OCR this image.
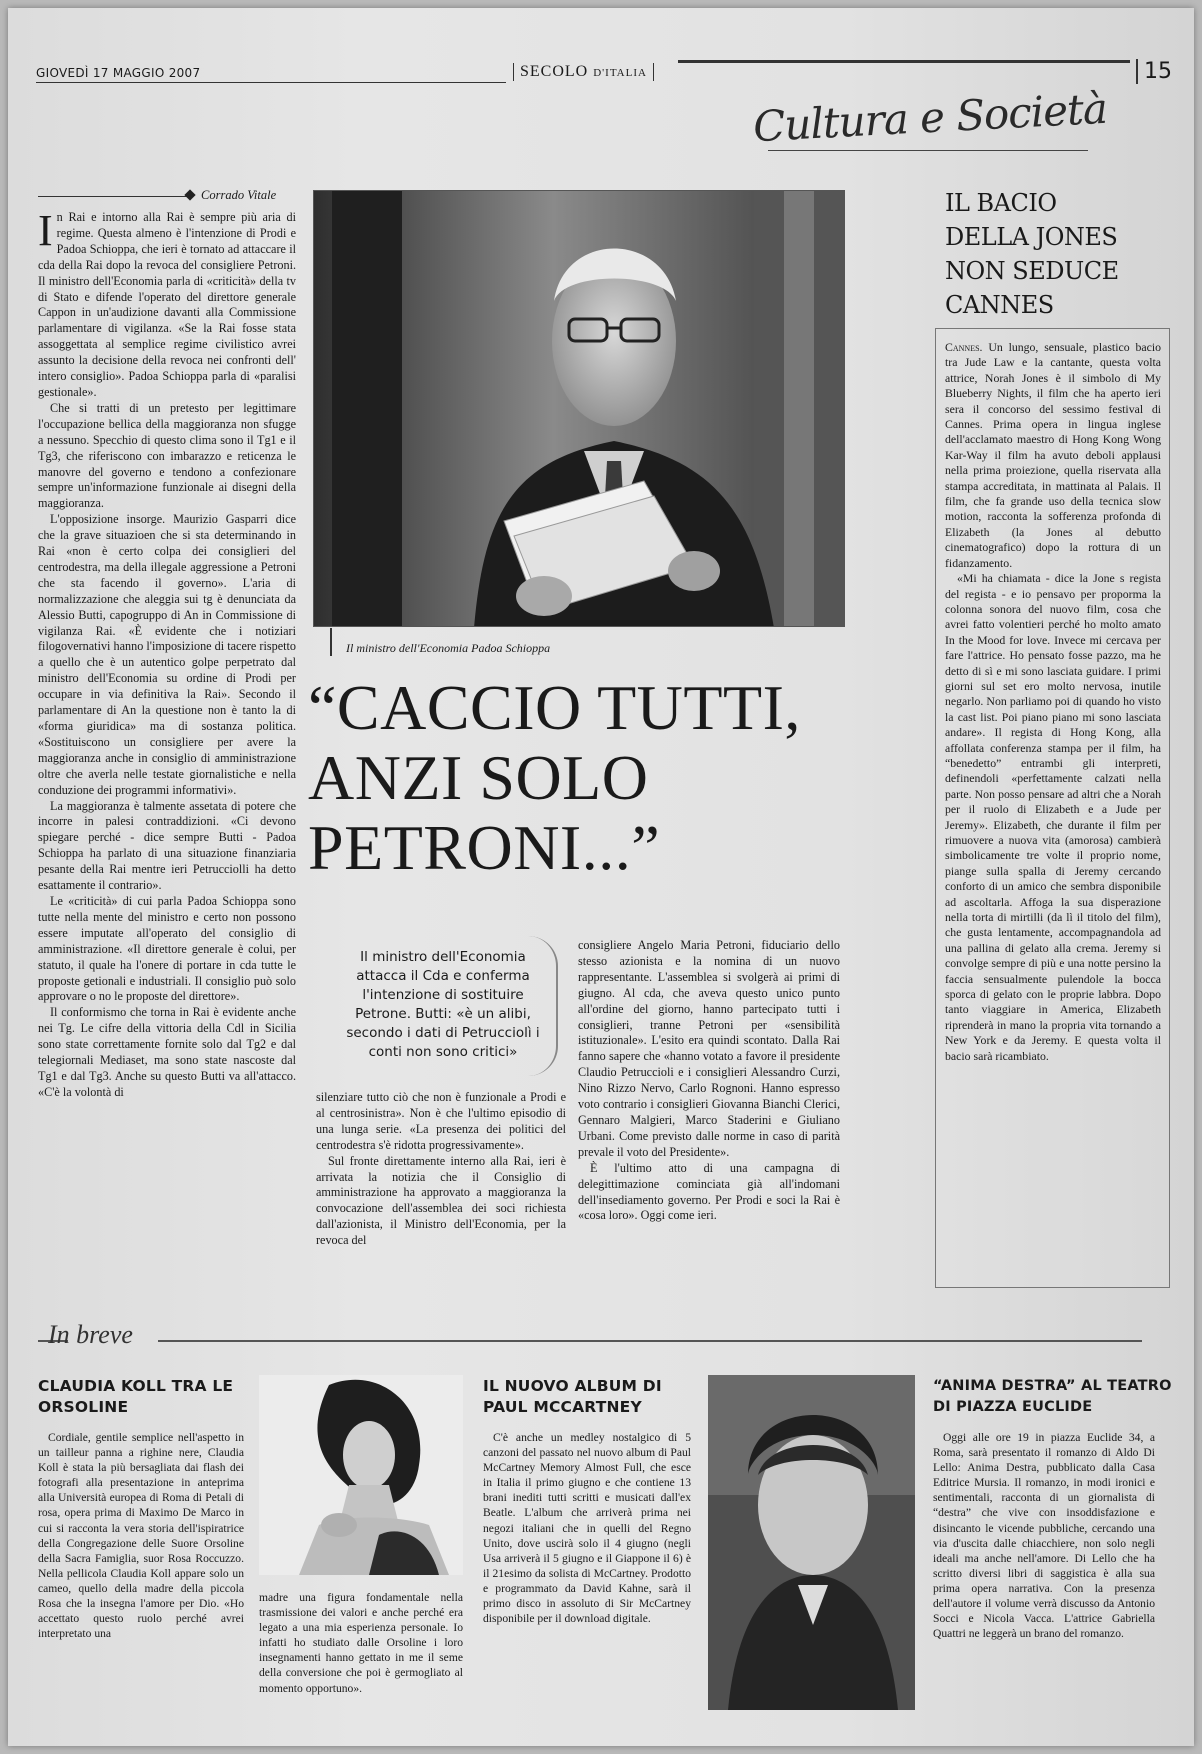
GIOVEDÌ 17 MAGGIO 2007	SECOLO D'ITALIA	15
Cultura e Società
Corrado Vitale

In Rai e intorno alla Rai è sempre più aria di regime. Questa almeno è l'intenzione di Prodi e Padoa Schioppa, che ieri è tornato ad attaccare il cda della Rai dopo la revoca del consigliere Petroni. Il ministro dell'Economia parla di «criticità» della tv di Stato e difende l'operato del direttore generale Cappon in un'audizione davanti alla Commissione parlamentare di vigilanza. «Se la Rai fosse stata assoggettata al semplice regime civilistico avrei assunto la decisione della revoca nei confronti dell' intero consiglio». Padoa Schioppa parla di «paralisi gestionale».

Che si tratti di un pretesto per legittimare l'occupazione bellica della maggioranza non sfugge a nessuno. Specchio di questo clima sono il Tg1 e il Tg3, che riferiscono con imbarazzo e reticenza le manovre del governo e tendono a confezionare sempre un'informazione funzionale ai disegni della maggioranza.

L'opposizione insorge. Maurizio Gasparri dice che la grave situazioen che si sta determinando in Rai «non è certo colpa dei consiglieri del centrodestra, ma della illegale aggressione a Petroni che sta facendo il governo». L'aria di normalizzazione che aleggia sui tg è denunciata da Alessio Butti, capogruppo di An in Commissione di vigilanza Rai. «È evidente che i notiziari filogovernativi hanno l'imposizione di tacere rispetto a quello che è un autentico golpe perpetrato dal ministro dell'Economia su ordine di Prodi per occupare in via definitiva la Rai». Secondo il parlamentare di An la questione non è tanto la di «forma giuridica» ma di sostanza politica. «Sostituiscono un consigliere per avere la maggioranza anche in consiglio di amministrazione oltre che averla nelle testate giornalistiche e nella conduzione dei programmi informativi».

La maggioranza è talmente assetata di potere che incorre in palesi contraddizioni. «Ci devono spiegare perché - dice sempre Butti - Padoa Schioppa ha parlato di una situazione finanziaria pesante della Rai mentre ieri Petrucciolli ha detto esattamente il contrario».

Le «criticità» di cui parla Padoa Schioppa sono tutte nella mente del ministro e certo non possono essere imputate all'operato del consiglio di amministrazione. «Il direttore generale è colui, per statuto, il quale ha l'onere di portare in cda tutte le proposte getionali e industriali. Il consiglio può solo approvare o no le proposte del direttore».

Il conformismo che torna in Rai è evidente anche nei Tg. Le cifre della vittoria della Cdl in Sicilia sono state correttamente fornite solo dal Tg2 e dal telegiornali Mediaset, ma sono state nascoste dal Tg1 e dal Tg3. Anche su questo Butti va all'attacco. «C'è la volontà di

Il ministro dell'Economia Padoa Schioppa
“CACCIO TUTTI, ANZI SOLO PETRONI...”
Il ministro dell'Economia attacca il Cda e conferma l'intenzione di sostituire Petrone. Butti: «è un alibi, secondo i dati di Petrucciolì i conti non sono critici»

silenziare tutto ciò che non è funzionale a Prodi e al centrosinistra». Non è che l'ultimo episodio di una lunga serie. «La presenza dei politici del centrodestra s'è ridotta progressivamente».

Sul fronte direttamente interno alla Rai, ieri è arrivata la notizia che il Consiglio di amministrazione ha approvato a maggioranza la convocazione dell'assemblea dei soci richiesta dall'azionista, il Ministro dell'Economia, per la revoca del

consigliere Angelo Maria Petroni, fiduciario dello stesso azionista e la nomina di un nuovo rappresentante. L'assemblea si svolgerà ai primi di giugno. Al cda, che aveva questo unico punto all'ordine del giorno, hanno partecipato tutti i consiglieri, tranne Petroni per «sensibilità istituzionale». L'esito era quindi scontato. Dalla Rai fanno sapere che «hanno votato a favore il presidente Claudio Petruccioli e i consiglieri Alessandro Curzi, Nino Rizzo Nervo, Carlo Rognoni. Hanno espresso voto contrario i consiglieri Giovanna Bianchi Clerici, Gennaro Malgieri, Marco Staderini e Giuliano Urbani. Come previsto dalle norme in caso di parità prevale il voto del Presidente».

È l'ultimo atto di una campagna di delegittimazione cominciata già all'indomani dell'insediamento governo. Per Prodi e soci la Rai è «cosa loro». Oggi come ieri.

IL BACIO
DELLA JONES
NON SEDUCE
CANNES

Cannes. Un lungo, sensuale, plastico bacio tra Jude Law e la cantante, questa volta attrice, Norah Jones è il simbolo di My Blueberry Nights, il film che ha aperto ieri sera il concorso del sessimo festival di Cannes. Prima opera in lingua inglese dell'acclamato maestro di Hong Kong Wong Kar-Way il film ha avuto deboli applausi nella prima proiezione, quella riservata alla stampa accreditata, in mattinata al Palais. Il film, che fa grande uso della tecnica slow motion, racconta la sofferenza profonda di Elizabeth (la Jones al debutto cinematografico) dopo la rottura di un fidanzamento.

«Mi ha chiamata - dice la Jone s regista del regista - e io pensavo per proporma la colonna sonora del nuovo film, cosa che avrei fatto volentieri perché ho molto amato In the Mood for love. Invece mi cercava per fare l'attrice. Ho pensato fosse pazzo, ma he detto di sì e mi sono lasciata guidare. I primi giorni sul set ero molto nervosa, inutile negarlo. Non parliamo poi di quando ho visto la cast list. Poi piano piano mi sono lasciata andare». Il regista di Hong Kong, alla affollata conferenza stampa per il film, ha “benedetto” entrambi gli interpreti, definendoli «perfettamente calzati nella parte. Non posso pensare ad altri che a Norah per il ruolo di Elizabeth e a Jude per Jeremy». Elizabeth, che durante il film per rimuovere a nuova vita (amorosa) cambierà simbolicamente tre volte il proprio nome, piange sulla spalla di Jeremy cercando conforto di un amico che sembra disponibile ad ascoltarla. Affoga la sua disperazione nella torta di mirtilli (da lì il titolo del film), che gusta lentamente, accompagnandola ad una pallina di gelato alla crema. Jeremy si convolge sempre di più e una notte persino la faccia sensualmente pulendole la bocca sporca di gelato con le proprie labbra. Dopo tanto viaggiare in America, Elizabeth riprenderà in mano la propria vita tornando a New York e da Jeremy. E questa volta il bacio sarà ricambiato.

In breve
CLAUDIA KOLL TRA LE ORSOLINE

Cordiale, gentile semplice nell'aspetto in un tailleur panna a righine nere, Claudia Koll è stata la più bersagliata dai flash dei fotografi alla presentazione in anteprima alla Università europea di Roma di Petali di rosa, opera prima di Maximo De Marco in cui si racconta la vera storia dell'ispiratrice della Congregazione delle Suore Orsoline della Sacra Famiglia, suor Rosa Roccuzzo. Nella pellicola Claudia Koll appare solo un cameo, quello della madre della piccola Rosa che la insegna l'amore per Dio. «Ho accettato questo ruolo perché avrei interpretato una

madre una figura fondamentale nella trasmissione dei valori e anche perché era legato a una mia esperienza personale. Io infatti ho studiato dalle Orsoline i loro insegnamenti hanno gettato in me il seme della conversione che poi è germogliato al momento opportuno».
IL NUOVO ALBUM DI PAUL MCCARTNEY

C'è anche un medley nostalgico di 5 canzoni del passato nel nuovo album di Paul McCartney Memory Almost Full, che esce in Italia il primo giugno e che contiene 13 brani inediti tutti scritti e musicati dall'ex Beatle. L'album che arriverà prima nei negozi italiani che in quelli del Regno Unito, dove uscirà solo il 4 giugno (negli Usa arriverà il 5 giugno e il Giappone il 6) è il 21esimo da solista di McCartney. Prodotto e programmato da David Kahne, sarà il primo disco in assoluto di Sir McCartney disponibile per il download digitale.

“ANIMA DESTRA” AL TEATRO DI PIAZZA EUCLIDE

Oggi alle ore 19 in piazza Euclide 34, a Roma, sarà presentato il romanzo di Aldo Di Lello: Anima Destra, pubblicato dalla Casa Editrice Mursia. Il romanzo, in modi ironici e sentimentali, racconta di un giornalista di “destra” che vive con insoddisfazione e disincanto le vicende pubbliche, cercando una via d'uscita dalle chiacchiere, non solo negli ideali ma anche nell'amore. Di Lello che ha scritto diversi libri di saggistica è alla sua prima opera narrativa. Con la presenza dell'autore il volume verrà discusso da Antonio Socci e Nicola Vacca. L'attrice Gabriella Quattri ne leggerà un brano del romanzo.
